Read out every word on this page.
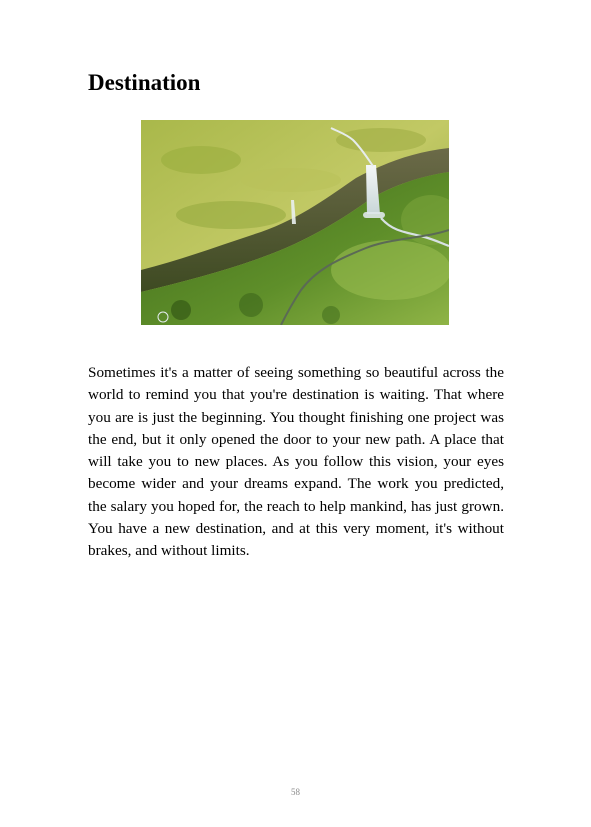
Destination

Sometimes it's a matter of seeing something so beautiful across the world to remind you that you're destination is waiting. That where you are is just the beginning. You thought finishing one project was the end, but it only opened the door to your new path. A place that will take you to new places. As you follow this vision, your eyes become wider and your dreams expand. The work you predicted, the salary you hoped for, the reach to help mankind, has just grown. You have a new destination, and at this very moment, it's without brakes, and without limits.

58
